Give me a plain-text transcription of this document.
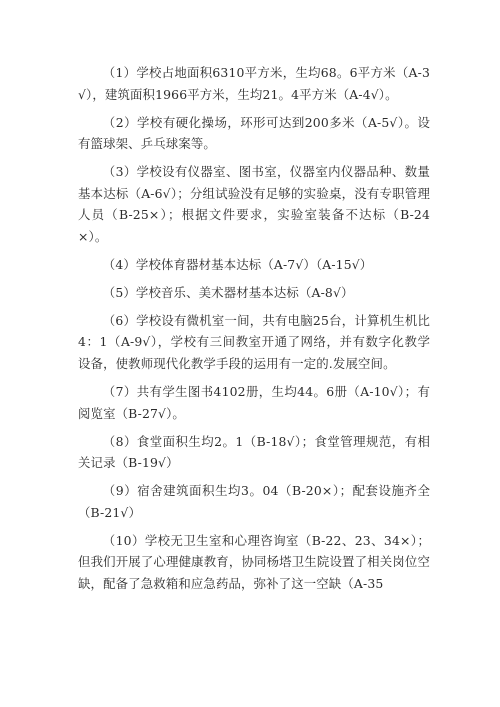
（1）学校占地面积6310平方米，生均68。6平方米（A-3√），建筑面积1966平方米，生均21。4平方米（A-4√）。

（2）学校有硬化操场，环形可达到200多米（A-5√）。设有篮球架、乒乓球案等。

（3）学校设有仪器室、图书室，仪器室内仪器品种、数量基本达标（A-6√）；分组试验没有足够的实验桌，没有专职管理人员（B-25×）；根据文件要求，实验室装备不达标（B-24×）。

（4）学校体育器材基本达标（A-7√）（A-15√）

（5）学校音乐、美术器材基本达标（A-8√）

（6）学校设有微机室一间，共有电脑25台，计算机生机比4：1（A-9√），学校有三间教室开通了网络，并有数字化教学设备，使教师现代化教学手段的运用有一定的.发展空间。

（7）共有学生图书4102册，生均44。6册（A-10√）；有阅览室（B-27√）。

（8）食堂面积生均2。1（B-18√）；食堂管理规范，有相关记录（B-19√）

（9）宿舍建筑面积生均3。04（B-20×）；配套设施齐全（B-21√）

（10）学校无卫生室和心理咨询室（B-22、23、34×）；但我们开展了心理健康教育，协同杨塔卫生院设置了相关岗位空缺，配备了急救箱和应急药品，弥补了这一空缺（A-35
